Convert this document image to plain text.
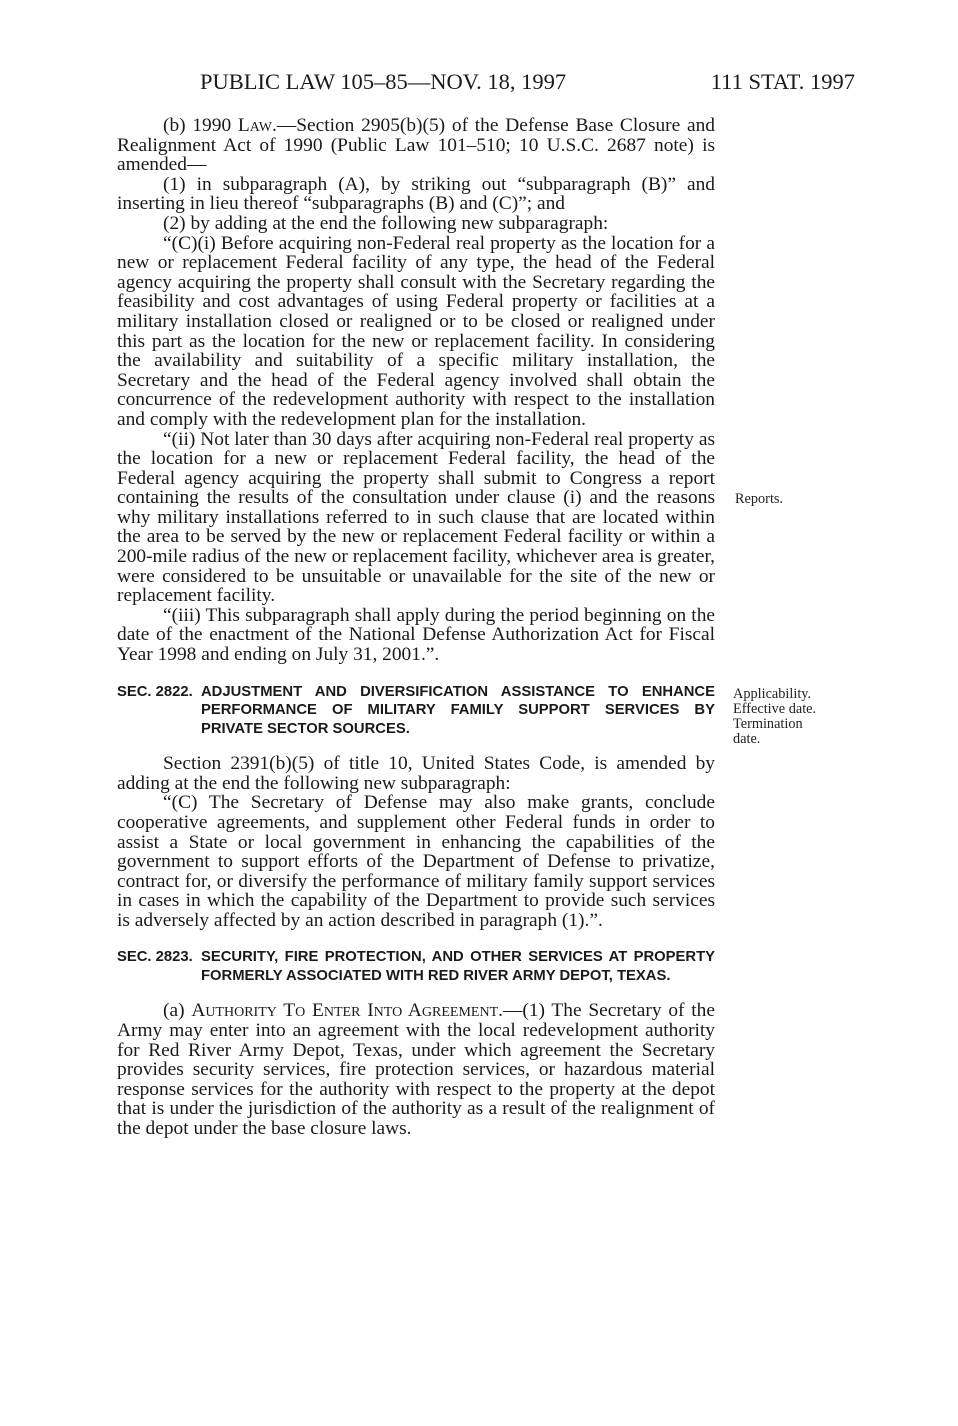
PUBLIC LAW 105–85—NOV. 18, 1997	111 STAT. 1997

(b) 1990 Law.—Section 2905(b)(5) of the Defense Base Closure and Realignment Act of 1990 (Public Law 101–510; 10 U.S.C. 2687 note) is amended—

(1) in subparagraph (A), by striking out “subparagraph (B)” and inserting in lieu thereof “subparagraphs (B) and (C)”; and

(2) by adding at the end the following new subparagraph:

“(C)(i) Before acquiring non-Federal real property as the location for a new or replacement Federal facility of any type, the head of the Federal agency acquiring the property shall consult with the Secretary regarding the feasibility and cost advantages of using Federal property or facilities at a military installation closed or realigned or to be closed or realigned under this part as the location for the new or replacement facility. In considering the availability and suitability of a specific military installation, the Secretary and the head of the Federal agency involved shall obtain the concurrence of the redevelopment authority with respect to the installation and comply with the redevelopment plan for the installation.

“(ii) Not later than 30 days after acquiring non-Federal real property as the location for a new or replacement Federal facility, the head of the Federal agency acquiring the property shall submit to Congress a report containing the results of the consultation under clause (i) and the reasons why military installations referred to in such clause that are located within the area to be served by the new or replacement Federal facility or within a 200-mile radius of the new or replacement facility, whichever area is greater, were considered to be unsuitable or unavailable for the site of the new or replacement facility.

“(iii) This subparagraph shall apply during the period beginning on the date of the enactment of the National Defense Authorization Act for Fiscal Year 1998 and ending on July 31, 2001.”.

SEC. 2822. ADJUSTMENT AND DIVERSIFICATION ASSISTANCE TO ENHANCE PERFORMANCE OF MILITARY FAMILY SUPPORT SERVICES BY PRIVATE SECTOR SOURCES.

Section 2391(b)(5) of title 10, United States Code, is amended by adding at the end the following new subparagraph:

“(C) The Secretary of Defense may also make grants, conclude cooperative agreements, and supplement other Federal funds in order to assist a State or local government in enhancing the capabilities of the government to support efforts of the Department of Defense to privatize, contract for, or diversify the performance of military family support services in cases in which the capability of the Department to provide such services is adversely affected by an action described in paragraph (1).”.

SEC. 2823. SECURITY, FIRE PROTECTION, AND OTHER SERVICES AT PROPERTY FORMERLY ASSOCIATED WITH RED RIVER ARMY DEPOT, TEXAS.

(a) Authority To Enter Into Agreement.—(1) The Secretary of the Army may enter into an agreement with the local redevelopment authority for Red River Army Depot, Texas, under which agreement the Secretary provides security services, fire protection services, or hazardous material response services for the authority with respect to the property at the depot that is under the jurisdiction of the authority as a result of the realignment of the depot under the base closure laws.

Reports.
Applicability.
Effective date.
Termination date.
